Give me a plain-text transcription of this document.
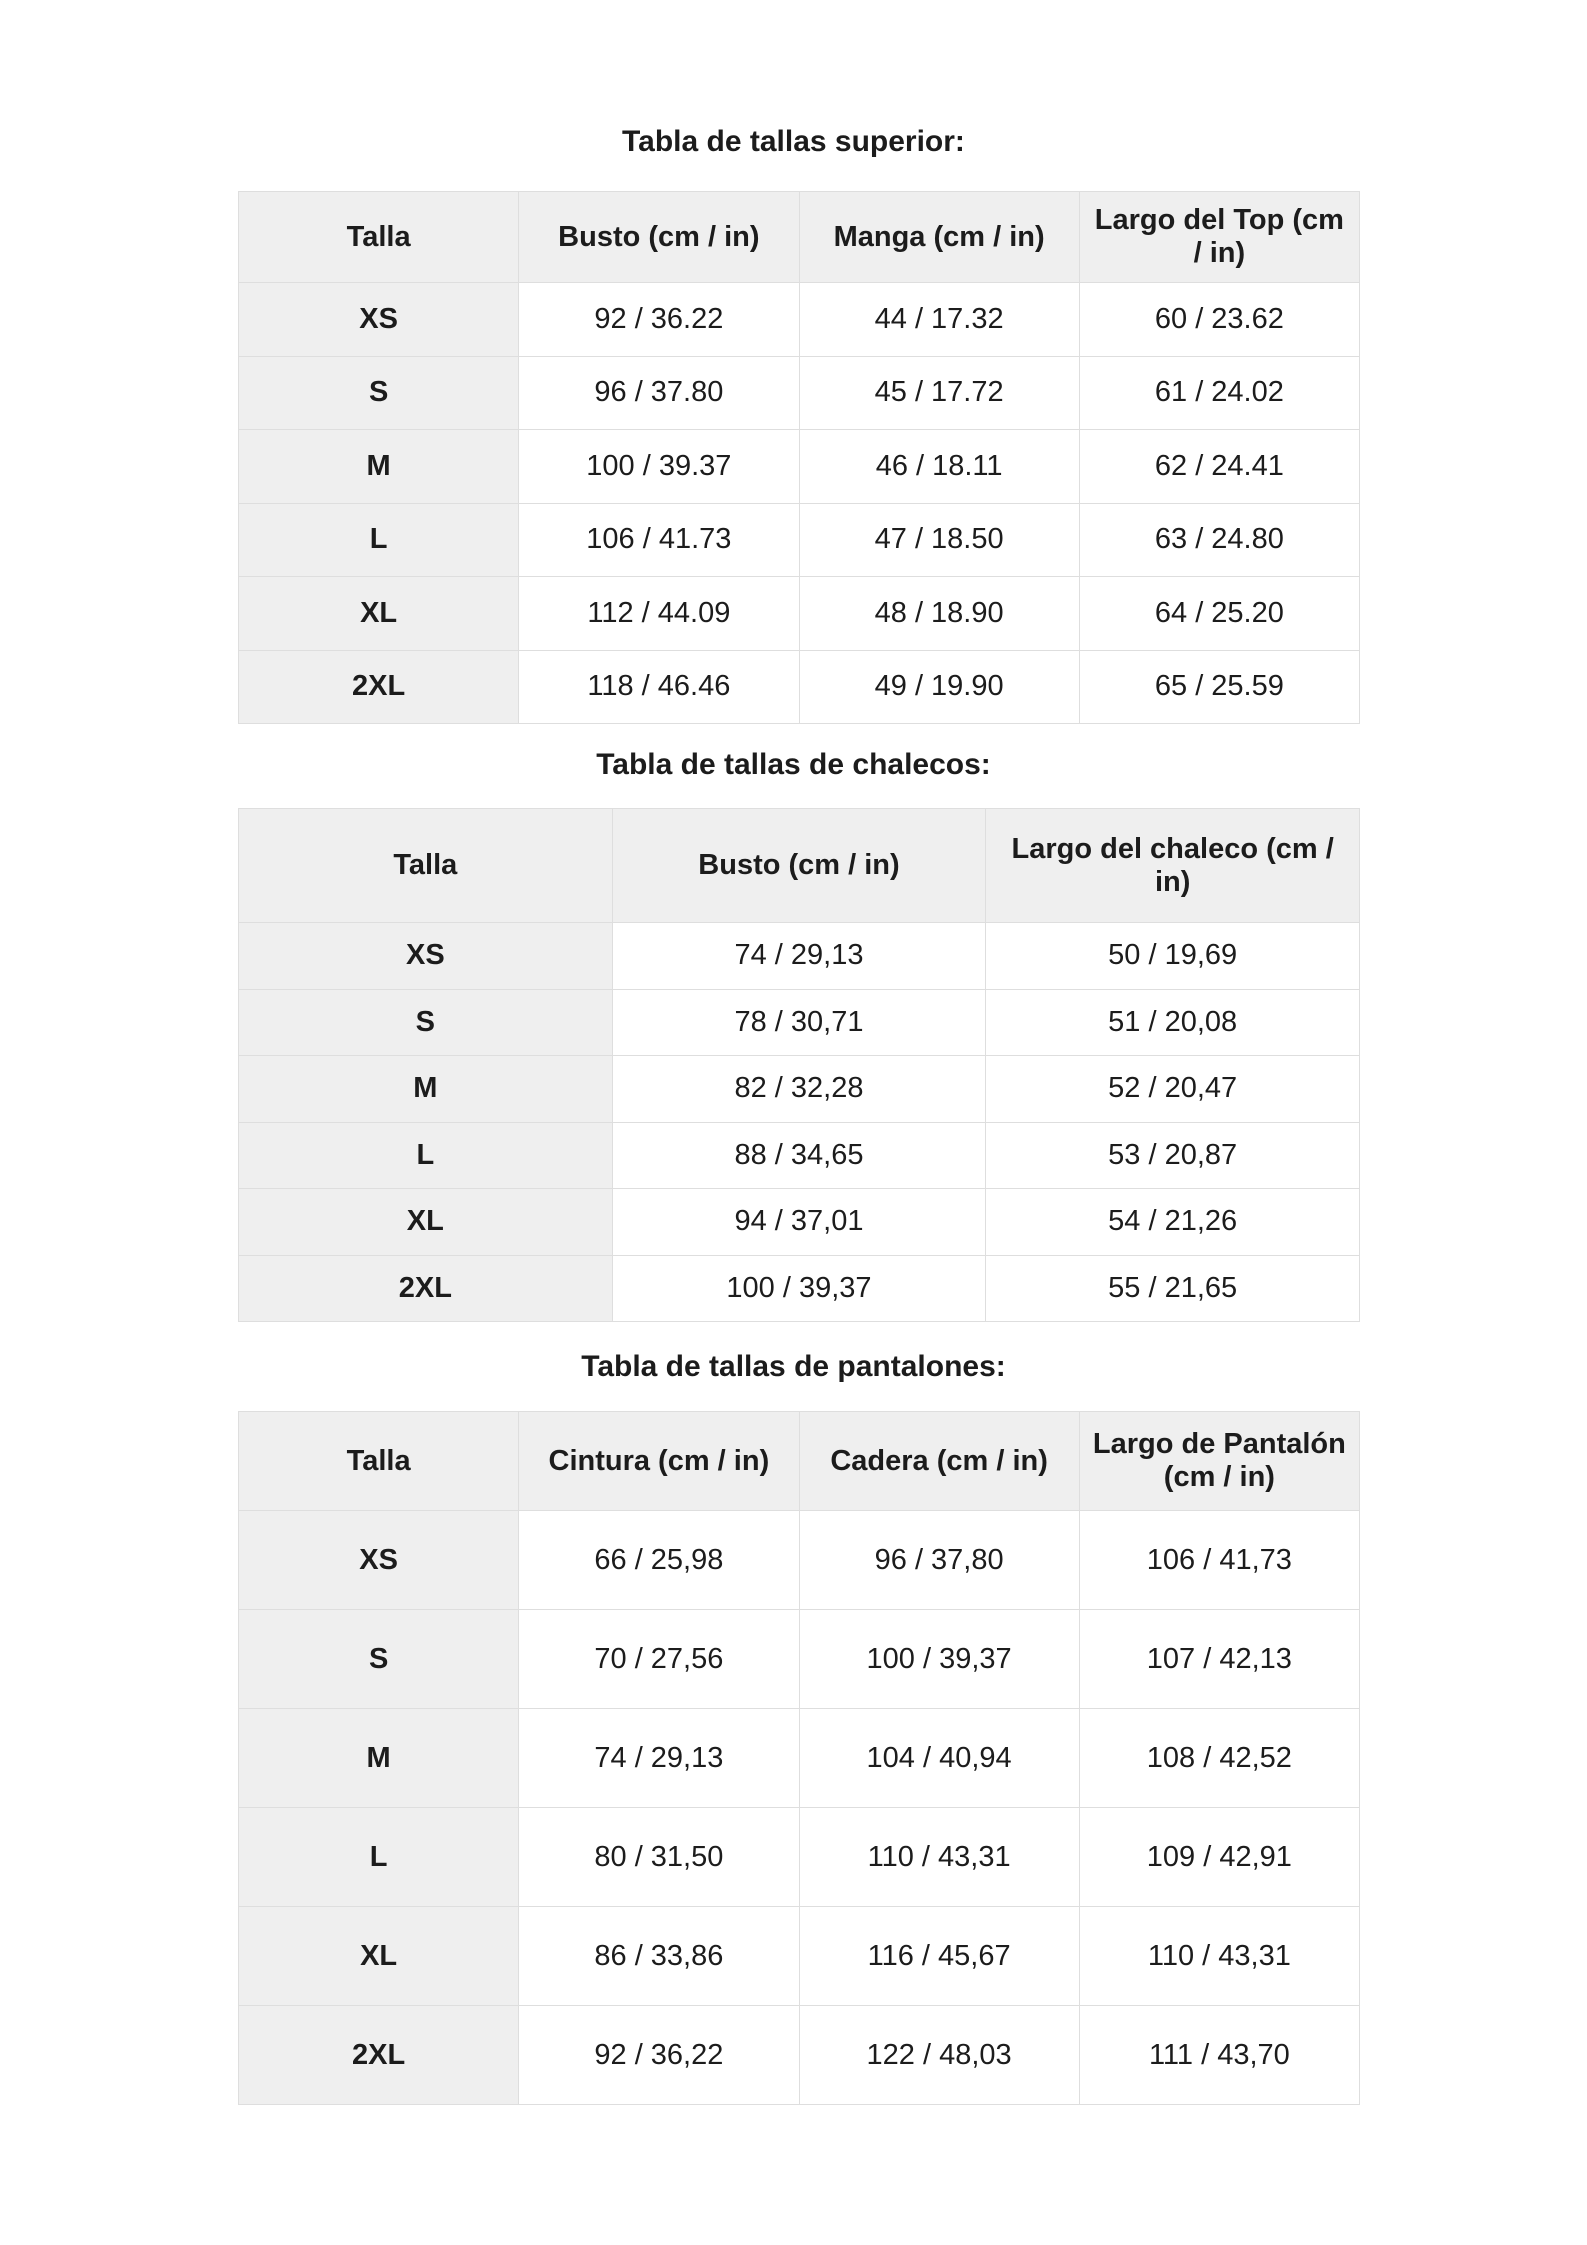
Tabla de tallas superior:
Talla	Busto (cm / in)	Manga (cm / in)	Largo del Top (cm / in)
XS	92 / 36.22	44 / 17.32	60 / 23.62
S	96 / 37.80	45 / 17.72	61 / 24.02
M	100 / 39.37	46 / 18.11	62 / 24.41
L	106 / 41.73	47 / 18.50	63 / 24.80
XL	112 / 44.09	48 / 18.90	64 / 25.20
2XL	118 / 46.46	49 / 19.90	65 / 25.59
Tabla de tallas de chalecos:
Talla	Busto (cm / in)	Largo del chaleco (cm / in)
XS	74 / 29,13	50 / 19,69
S	78 / 30,71	51 / 20,08
M	82 / 32,28	52 / 20,47
L	88 / 34,65	53 / 20,87
XL	94 / 37,01	54 / 21,26
2XL	100 / 39,37	55 / 21,65
Tabla de tallas de pantalones:
Talla	Cintura (cm / in)	Cadera (cm / in)	Largo de Pantalón (cm / in)
XS	66 / 25,98	96 / 37,80	106 / 41,73
S	70 / 27,56	100 / 39,37	107 / 42,13
M	74 / 29,13	104 / 40,94	108 / 42,52
L	80 / 31,50	110 / 43,31	109 / 42,91
XL	86 / 33,86	116 / 45,67	110 / 43,31
2XL	92 / 36,22	122 / 48,03	111 / 43,70
